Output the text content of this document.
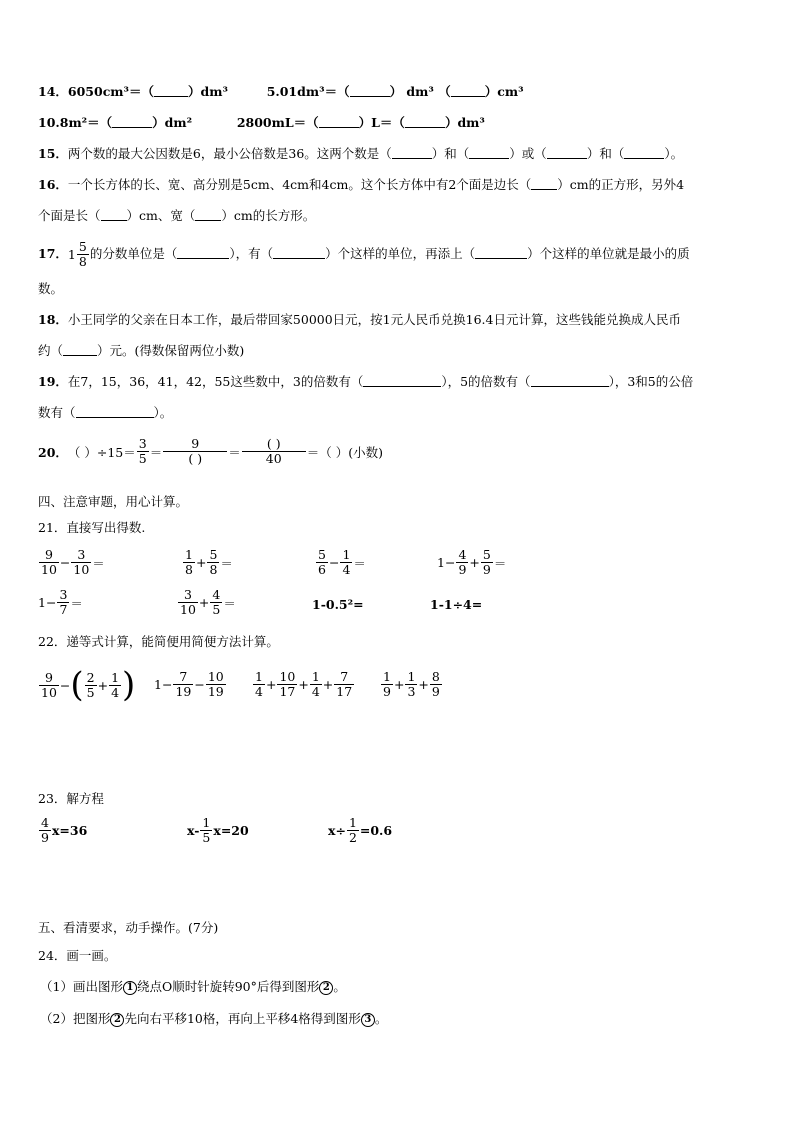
14．6050cm³＝（	）dm³	5.01dm³＝（	） dm³ （	）cm³
10.8m²＝（	）dm²	2800mL＝（	）L＝（	）dm³
15．两个数的最大公因数是6，最小公倍数是36。这两个数是（	）和（	）或（	）和（	）。
16．一个长方体的长、宽、高分别是5cm、4cm和4cm。这个长方体中有2个面是边长（ ）cm的正方形，另外4
个面是长（ ）cm、宽（ ）cm的长方形。
17． $1 \frac{5}{8}$ 的分数单位是（	），有（	）个这样的单位，再添上（	）个这样的单位就是最小的质
数。
18．小王同学的父亲在日本工作，最后带回家50000日元，按1元人民币兑换16.4日元计算，这些钱能兑换成人民币
约（	）元。(得数保留两位小数)
19．在7，15，36，41，42，55这些数中，3的倍数有（	），5的倍数有（	），3和5的公倍
数有（	）。
20． （ ）$\div 15= \frac{3}{5} = \frac{9}{( )} = \frac{( )}{40}$ ＝（ ）(小数)
四、注意审题，用心计算。
21．直接写出得数.
$\frac{9}{10} - \frac{3}{10}$ ＝	$\frac{1}{8} + \frac{5}{8}$ ＝	$\frac{5}{6} - \frac{1}{4}$ ＝	$1- \frac{4}{9} + \frac{5}{9}$ ＝
$1- \frac{3}{7}$ ＝	$\frac{3}{10} + \frac{4}{5}$ ＝	1-0.5²=	1-1÷4=
22．递等式计算，能简便用简便方法计算。
$\frac{9}{10}$ − ( $\frac{2}{5} + \frac{1}{4}$ ) $1- \frac{7}{19} - \frac{10}{19} \frac{1}{4} + \frac{10}{17} + \frac{1}{4} + \frac{7}{17} \frac{1}{9} + \frac{1}{3} + \frac{8}{9}$
23．解方程
$\frac{4}{9} x=36$	$x- \frac{1}{5} x=20$	$x\div \frac{1}{2} =0.6$
五、看清要求，动手操作。(7分)
24．画一画。
（1）画出图形 1 绕点O顺时针旋转90°后得到图形 2 。
（2）把图形 2 先向右平移10格，再向上平移4格得到图形 3 。
